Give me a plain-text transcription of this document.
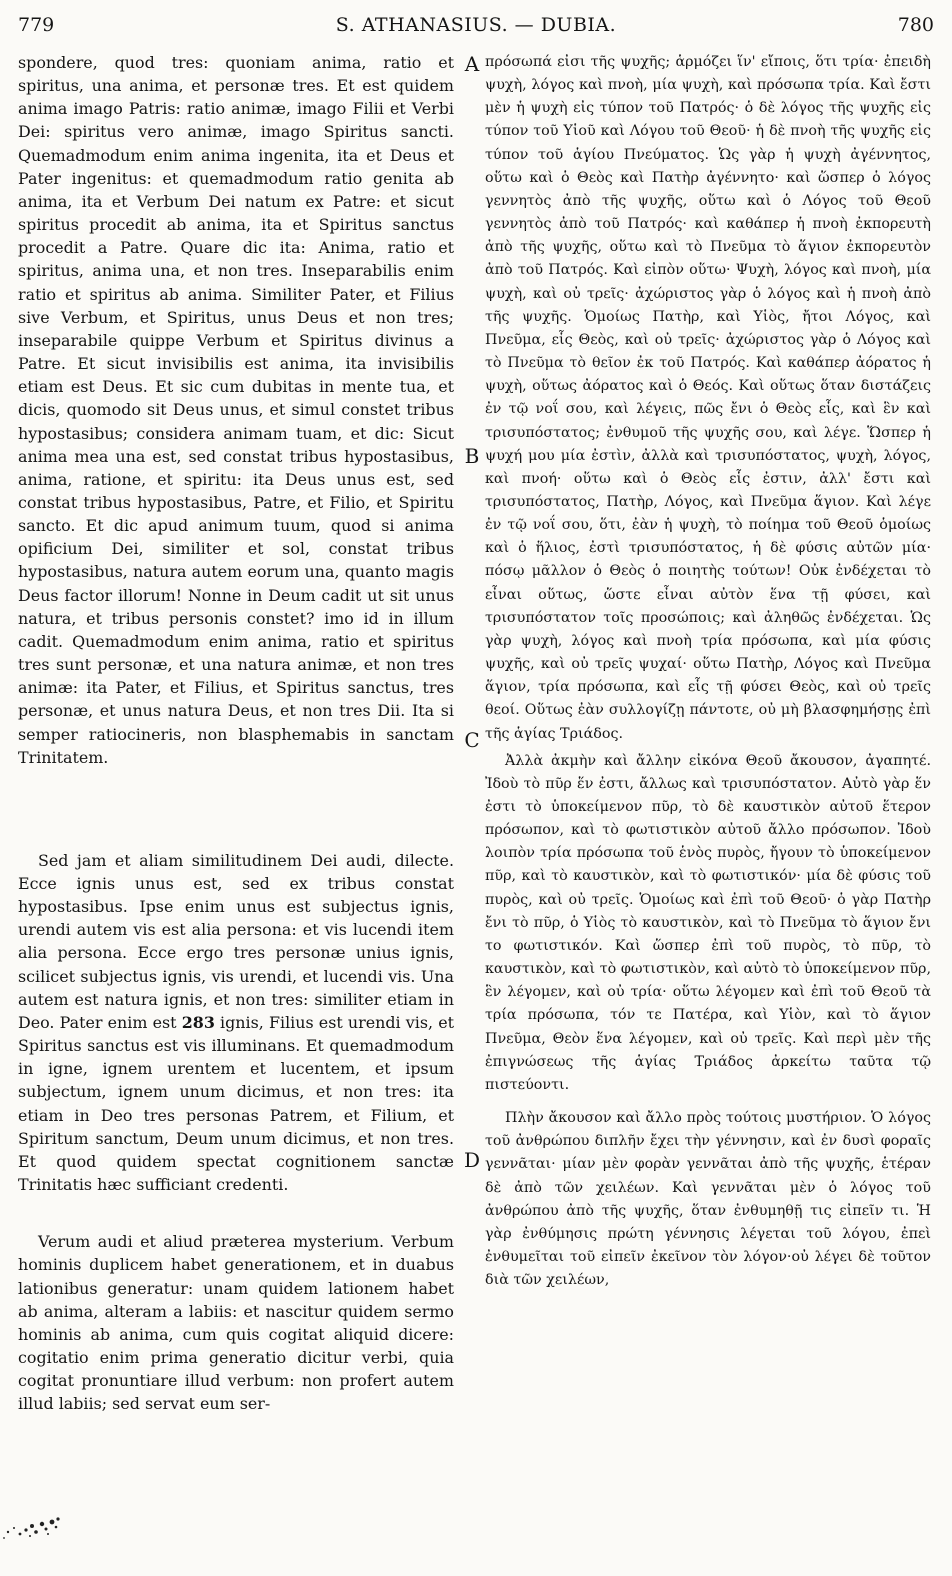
779	S. ATHANASIUS. — DUBIA.	780

spondere, quod tres: quoniam anima, ratio et spiritus, una anima, et personæ tres. Et est quidem anima imago Patris: ratio animæ, imago Filii et Verbi Dei: spiritus vero animæ, imago Spiritus sancti. Quemadmodum enim anima ingenita, ita et Deus et Pater ingenitus: et quemadmodum ratio genita ab anima, ita et Verbum Dei natum ex Patre: et sicut spiritus procedit ab anima, ita et Spiritus sanctus procedit a Patre. Quare dic ita: Anima, ratio et spiritus, anima una, et non tres. Inseparabilis enim ratio et spiritus ab anima. Similiter Pater, et Filius sive Verbum, et Spiritus, unus Deus et non tres; inseparabile quippe Verbum et Spiritus divinus a Patre. Et sicut invisibilis est anima, ita invisibilis etiam est Deus. Et sic cum dubitas in mente tua, et dicis, quomodo sit Deus unus, et simul constet tribus hypostasibus; considera animam tuam, et dic: Sicut anima mea una est, sed constat tribus hypostasibus, anima, ratione, et spiritu: ita Deus unus est, sed constat tribus hypostasibus, Patre, et Filio, et Spiritu sancto. Et dic apud animum tuum, quod si anima opificium Dei, similiter et sol, constat tribus hypostasibus, natura autem eorum una, quanto magis Deus factor illorum! Nonne in Deum cadit ut sit unus natura, et tribus personis constet? imo id in illum cadit. Quemadmodum enim anima, ratio et spiritus tres sunt personæ, et una natura animæ, et non tres animæ: ita Pater, et Filius, et Spiritus sanctus, tres personæ, et unus natura Deus, et non tres Dii. Ita si semper ratiocineris, non blasphemabis in sanctam Trinitatem.

Sed jam et aliam similitudinem Dei audi, dilecte. Ecce ignis unus est, sed ex tribus constat hypostasibus. Ipse enim unus est subjectus ignis, urendi autem vis est alia persona: et vis lucendi item alia persona. Ecce ergo tres personæ unius ignis, scilicet subjectus ignis, vis urendi, et lucendi vis. Una autem est natura ignis, et non tres: similiter etiam in Deo. Pater enim est 283 ignis, Filius est urendi vis, et Spiritus sanctus est vis illuminans. Et quemadmodum in igne, ignem urentem et lucentem, et ipsum subjectum, ignem unum dicimus, et non tres: ita etiam in Deo tres personas Patrem, et Filium, et Spiritum sanctum, Deum unum dicimus, et non tres. Et quod quidem spectat cognitionem sanctæ Trinitatis hæc sufficiant credenti.

Verum audi et aliud præterea mysterium. Verbum hominis duplicem habet generationem, et in duabus lationibus generatur: unam quidem lationem habet ab anima, alteram a labiis: et nascitur quidem sermo hominis ab anima, cum quis cogitat aliquid dicere: cogitatio enim prima generatio dicitur verbi, quia cogitat pronuntiare illud verbum: non profert autem illud labiis; sed servat eum ser-

A
B
C
D

πρόσωπά εἰσι τῆς ψυχῆς; ἁρμόζει ἵν' εἴποις, ὅτι τρία· ἐπειδὴ ψυχὴ, λόγος καὶ πνοὴ, μία ψυχὴ, καὶ πρόσωπα τρία. Καὶ ἔστι μὲν ἡ ψυχὴ εἰς τύπον τοῦ Πατρός· ὁ δὲ λόγος τῆς ψυχῆς εἰς τύπον τοῦ Υἱοῦ καὶ Λόγου τοῦ Θεοῦ· ἡ δὲ πνοὴ τῆς ψυχῆς εἰς τύπον τοῦ ἁγίου Πνεύματος. Ὡς γὰρ ἡ ψυχὴ ἀγέννητος, οὕτω καὶ ὁ Θεὸς καὶ Πατὴρ ἀγέννητο· καὶ ὥσπερ ὁ λόγος γεννητὸς ἀπὸ τῆς ψυχῆς, οὕτω καὶ ὁ Λόγος τοῦ Θεοῦ γεννητὸς ἀπὸ τοῦ Πατρός· καὶ καθάπερ ἡ πνοὴ ἐκπορευτὴ ἀπὸ τῆς ψυχῆς, οὕτω καὶ τὸ Πνεῦμα τὸ ἅγιον ἐκπορευτὸν ἀπὸ τοῦ Πατρός. Καὶ εἰπὸν οὕτω· Ψυχὴ, λόγος καὶ πνοὴ, μία ψυχὴ, καὶ οὐ τρεῖς· ἀχώριστος γὰρ ὁ λόγος καὶ ἡ πνοὴ ἀπὸ τῆς ψυχῆς. Ὁμοίως Πατὴρ, καὶ Υἱὸς, ἤτοι Λόγος, καὶ Πνεῦμα, εἷς Θεὸς, καὶ οὐ τρεῖς· ἀχώριστος γὰρ ὁ Λόγος καὶ τὸ Πνεῦμα τὸ θεῖον ἐκ τοῦ Πατρός. Καὶ καθάπερ ἀόρατος ἡ ψυχὴ, οὕτως ἀόρατος καὶ ὁ Θεός. Καὶ οὕτως ὅταν διστάζεις ἐν τῷ νοΐ σου, καὶ λέγεις, πῶς ἔνι ὁ Θεὸς εἷς, καὶ ἓν καὶ τρισυπόστατος; ἐνθυμοῦ τῆς ψυχῆς σου, καὶ λέγε. Ὥσπερ ἡ ψυχή μου μία ἐστὶν, ἀλλὰ καὶ τρισυπόστατος, ψυχὴ, λόγος, καὶ πνοή· οὕτω καὶ ὁ Θεὸς εἷς ἐστιν, ἀλλ' ἔστι καὶ τρισυπόστατος, Πατὴρ, Λόγος, καὶ Πνεῦμα ἅγιον. Καὶ λέγε ἐν τῷ νοΐ σου, ὅτι, ἐὰν ἡ ψυχὴ, τὸ ποίημα τοῦ Θεοῦ ὁμοίως καὶ ὁ ἥλιος, ἐστὶ τρισυπόστατος, ἡ δὲ φύσις αὐτῶν μία· πόσῳ μᾶλλον ὁ Θεὸς ὁ ποιητὴς τούτων! Οὐκ ἐνδέχεται τὸ εἶναι οὕτως, ὥστε εἶναι αὐτὸν ἕνα τῇ φύσει, καὶ τρισυπόστατον τοῖς προσώποις; καὶ ἀληθῶς ἐνδέχεται. Ὡς γὰρ ψυχὴ, λόγος καὶ πνοὴ τρία πρόσωπα, καὶ μία φύσις ψυχῆς, καὶ οὐ τρεῖς ψυχαί· οὕτω Πατὴρ, Λόγος καὶ Πνεῦμα ἅγιον, τρία πρόσωπα, καὶ εἷς τῇ φύσει Θεὸς, καὶ οὐ τρεῖς θεοί. Οὕτως ἐὰν συλλογίζῃ πάντοτε, οὐ μὴ βλασφημήσῃς ἐπὶ τῆς ἁγίας Τριάδος.

Ἀλλὰ ἀκμὴν καὶ ἄλλην εἰκόνα Θεοῦ ἄκουσον, ἀγαπητέ. Ἰδοὺ τὸ πῦρ ἕν ἐστι, ἄλλως καὶ τρισυπόστατον. Αὐτὸ γὰρ ἕν ἐστι τὸ ὑποκείμενον πῦρ, τὸ δὲ καυστικὸν αὐτοῦ ἕτερον πρόσωπον, καὶ τὸ φωτιστικὸν αὐτοῦ ἄλλο πρόσωπον. Ἰδοὺ λοιπὸν τρία πρόσωπα τοῦ ἑνὸς πυρὸς, ἤγουν τὸ ὑποκείμενον πῦρ, καὶ τὸ καυστικὸν, καὶ τὸ φωτιστικόν· μία δὲ φύσις τοῦ πυρὸς, καὶ οὐ τρεῖς. Ὁμοίως καὶ ἐπὶ τοῦ Θεοῦ· ὁ γὰρ Πατὴρ ἔνι τὸ πῦρ, ὁ Υἱὸς τὸ καυστικὸν, καὶ τὸ Πνεῦμα τὸ ἅγιον ἔνι το φωτιστικόν. Καὶ ὥσπερ ἐπὶ τοῦ πυρὸς, τὸ πῦρ, τὸ καυστικὸν, καὶ τὸ φωτιστικὸν, καὶ αὐτὸ τὸ ὑποκείμενον πῦρ, ἓν λέγομεν, καὶ οὐ τρία· οὕτω λέγομεν καὶ ἐπὶ τοῦ Θεοῦ τὰ τρία πρόσωπα, τόν τε Πατέρα, καὶ Υἱὸν, καὶ τὸ ἅγιον Πνεῦμα, Θεὸν ἕνα λέγομεν, καὶ οὐ τρεῖς. Καὶ περὶ μὲν τῆς ἐπιγνώσεως τῆς ἁγίας Τριάδος ἀρκείτω ταῦτα τῷ πιστεύοντι.

Πλὴν ἄκουσον καὶ ἄλλο πρὸς τούτοις μυστήριον. Ὁ λόγος τοῦ ἀνθρώπου διπλῆν ἔχει τὴν γέννησιν, καὶ ἐν δυσὶ φοραῖς γεννᾶται· μίαν μὲν φορὰν γεννᾶται ἀπὸ τῆς ψυχῆς, ἑτέραν δὲ ἀπὸ τῶν χειλέων. Καὶ γεννᾶται μὲν ὁ λόγος τοῦ ἀνθρώπου ἀπὸ τῆς ψυχῆς, ὅταν ἐνθυμηθῇ τις εἰπεῖν τι. Ἡ γὰρ ἐνθύμησις πρώτη γέννησις λέγεται τοῦ λόγου, ἐπεὶ ἐνθυμεῖται τοῦ εἰπεῖν ἐκεῖνον τὸν λόγον·οὐ λέγει δὲ τοῦτον διὰ τῶν χειλέων,
